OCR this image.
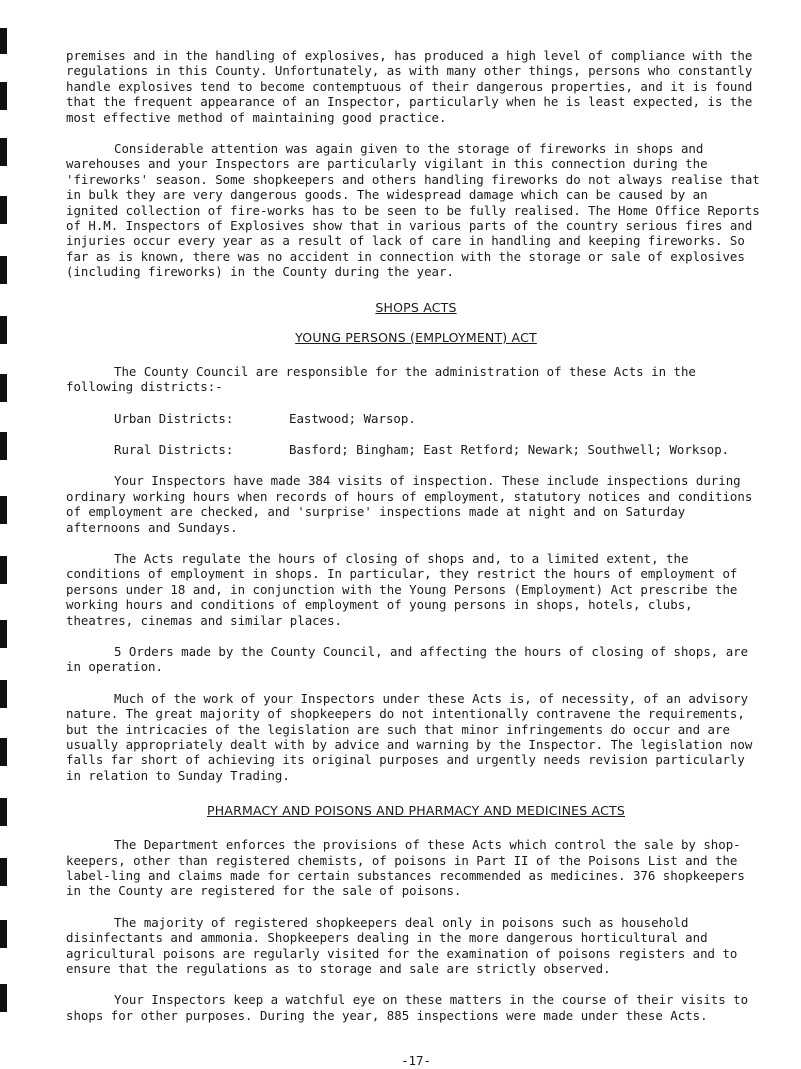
premises and in the handling of explosives, has produced a high level of compliance with the regulations in this County. Unfortunately, as with many other things, persons who constantly handle explosives tend to become contemptuous of their dangerous properties, and it is found that the frequent appearance of an Inspector, particularly when he is least expected, is the most effective method of maintaining good practice.

Considerable attention was again given to the storage of fireworks in shops and warehouses and your Inspectors are particularly vigilant in this connection during the 'fireworks' season. Some shopkeepers and others handling fireworks do not always realise that in bulk they are very dangerous goods. The widespread damage which can be caused by an ignited collection of fire-works has to be seen to be fully realised. The Home Office Reports of H.M. Inspectors of Explosives show that in various parts of the country serious fires and injuries occur every year as a result of lack of care in handling and keeping fireworks. So far as is known, there was no accident in connection with the storage or sale of explosives (including fireworks) in the County during the year.

SHOPS ACTS
YOUNG PERSONS (EMPLOYMENT) ACT

The County Council are responsible for the administration of these Acts in the following districts:-

Urban Districts:	Eastwood; Warsop.
Rural Districts:	Basford; Bingham; East Retford; Newark; Southwell; Worksop.

Your Inspectors have made 384 visits of inspection. These include inspections during ordinary working hours when records of hours of employment, statutory notices and conditions of employment are checked, and 'surprise' inspections made at night and on Saturday afternoons and Sundays.

The Acts regulate the hours of closing of shops and, to a limited extent, the conditions of employment in shops. In particular, they restrict the hours of employment of persons under 18 and, in conjunction with the Young Persons (Employment) Act prescribe the working hours and conditions of employment of young persons in shops, hotels, clubs, theatres, cinemas and similar places.

5 Orders made by the County Council, and affecting the hours of closing of shops, are in operation.

Much of the work of your Inspectors under these Acts is, of necessity, of an advisory nature. The great majority of shopkeepers do not intentionally contravene the requirements, but the intricacies of the legislation are such that minor infringements do occur and are usually appropriately dealt with by advice and warning by the Inspector. The legislation now falls far short of achieving its original purposes and urgently needs revision particularly in relation to Sunday Trading.

PHARMACY AND POISONS AND PHARMACY AND MEDICINES ACTS

The Department enforces the provisions of these Acts which control the sale by shop-keepers, other than registered chemists, of poisons in Part II of the Poisons List and the label-ling and claims made for certain substances recommended as medicines. 376 shopkeepers in the County are registered for the sale of poisons.

The majority of registered shopkeepers deal only in poisons such as household disinfectants and ammonia. Shopkeepers dealing in the more dangerous horticultural and agricultural poisons are regularly visited for the examination of poisons registers and to ensure that the regulations as to storage and sale are strictly observed.

Your Inspectors keep a watchful eye on these matters in the course of their visits to shops for other purposes. During the year, 885 inspections were made under these Acts.

-17-
